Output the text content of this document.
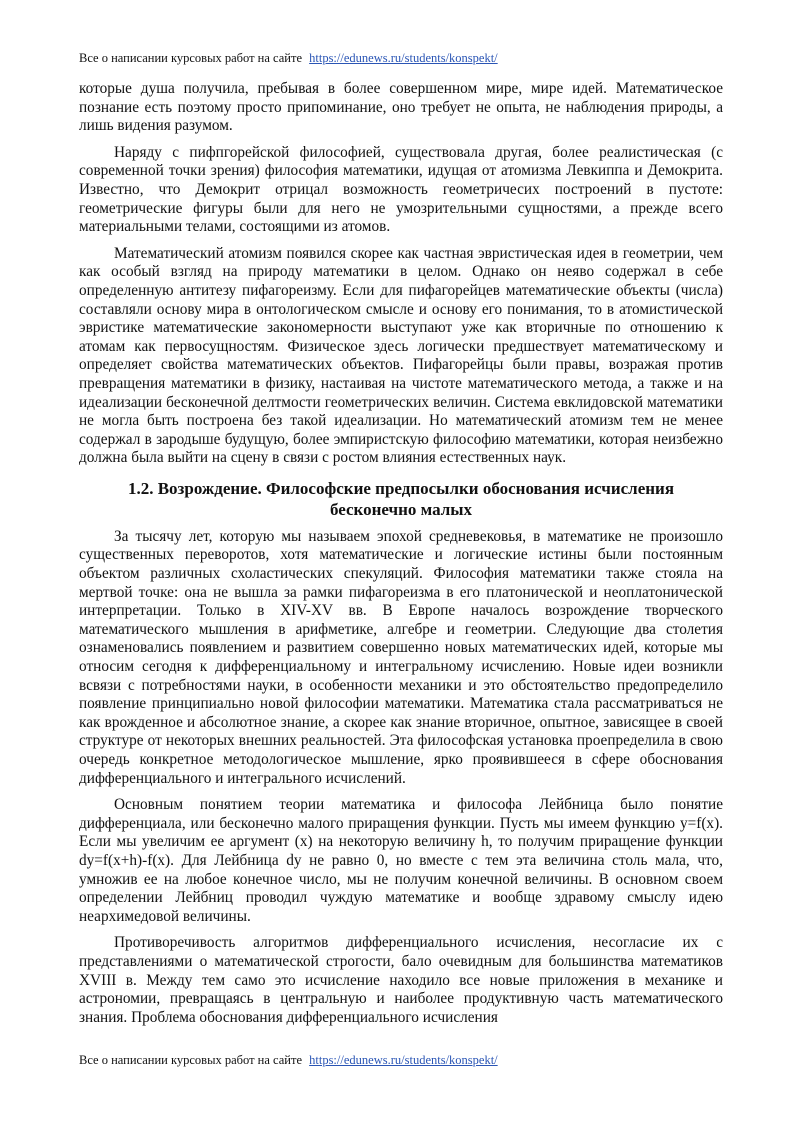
Все о написании курсовых работ на сайте https://edunews.ru/students/konspekt/

которые душа получила, пребывая в более совершенном мире, мире идей. Математическое познание есть поэтому просто припоминание, оно требует не опыта, не наблюдения природы, а лишь видения разумом.

Наряду с пифпгорейской философией, существовала другая, более реалистическая (с современной точки зрения) философия математики, идущая от атомизма Левкиппа и Демокрита. Известно, что Демокрит отрицал возможность геометричесих построений в пустоте: геометрические фигуры были для него не умозрительными сущностями, а прежде всего материальными телами, состоящими из атомов.

Математический атомизм появился скорее как частная эвристическая идея в геометрии, чем как особый взгляд на природу математики в целом. Однако он неяво содержал в себе определенную антитезу пифагореизму. Если для пифагорейцев математические объекты (числа) составляли основу мира в онтологическом смысле и основу его понимания, то в атомистической эвристике математические закономерности выступают уже как вторичные по отношению к атомам как первосущностям. Физическое здесь логически предшествует математическому и определяет свойства математических объектов. Пифагорейцы были правы, возражая против превращения математики в физику, настаивая на чистоте математического метода, а также и на идеализации бесконечной делтмости геометрических величин. Система евклидовской математики не могла быть построена без такой идеализации. Но математический атомизм тем не менее содержал в зародыше будущую, более эмпиристскую философию математики, которая неизбежно должна была выйти на сцену в связи с ростом влияния естественных наук.

1.2. Возрождение. Философские предпосылки обоснования исчисления бесконечно малых

За тысячу лет, которую мы называем эпохой средневековья, в математике не произошло существенных переворотов, хотя математические и логические истины были постоянным объектом различных схоластических спекуляций. Философия математики также стояла на мертвой точке: она не вышла за рамки пифагореизма в его платонической и неоплатонической интерпретации. Только в XIV-XV вв. В Европе началось возрождение творческого математического мышления в арифметике, алгебре и геометрии. Следующие два столетия ознаменовались появлением и развитием совершенно новых математических идей, которые мы относим сегодня к дифференциальному и интегральному исчислению. Новые идеи возникли всвязи с потребностями науки, в особенности механики и это обстоятельство предопределило появление принципиально новой философии математики. Математика стала рассматриваться не как врожденное и абсолютное знание, а скорее как знание вторичное, опытное, зависящее в своей структуре от некоторых внешних реальностей. Эта философская установка проепределила в свою очередь конкретное методологическое мышление, ярко проявившееся в сфере обоснования дифференциального и интегрального исчислений.

Основным понятием теории математика и философа Лейбница было понятие дифференциала, или бесконечно малого приращения функции. Пусть мы имеем функцию y=f(x). Если мы увеличим ее аргумент (x) на некоторую величину h, то получим приращение функции dy=f(x+h)-f(x). Для Лейбница dy не равно 0, но вместе с тем эта величина столь мала, что, умножив ее на любое конечное число, мы не получим конечной величины. В основном своем определении Лейбниц проводил чуждую математике и вообще здравому смыслу идею неархимедовой величины.

Противоречивость алгоритмов дифференциального исчисления, несогласие их с представлениями о математической строгости, бало очевидным для большинства математиков XVIII в. Между тем само это исчисление находило все новые приложения в механике и астрономии, превращаясь в центральную и наиболее продуктивную часть математического знания. Проблема обоснования дифференциального исчисления

Все о написании курсовых работ на сайте https://edunews.ru/students/konspekt/
